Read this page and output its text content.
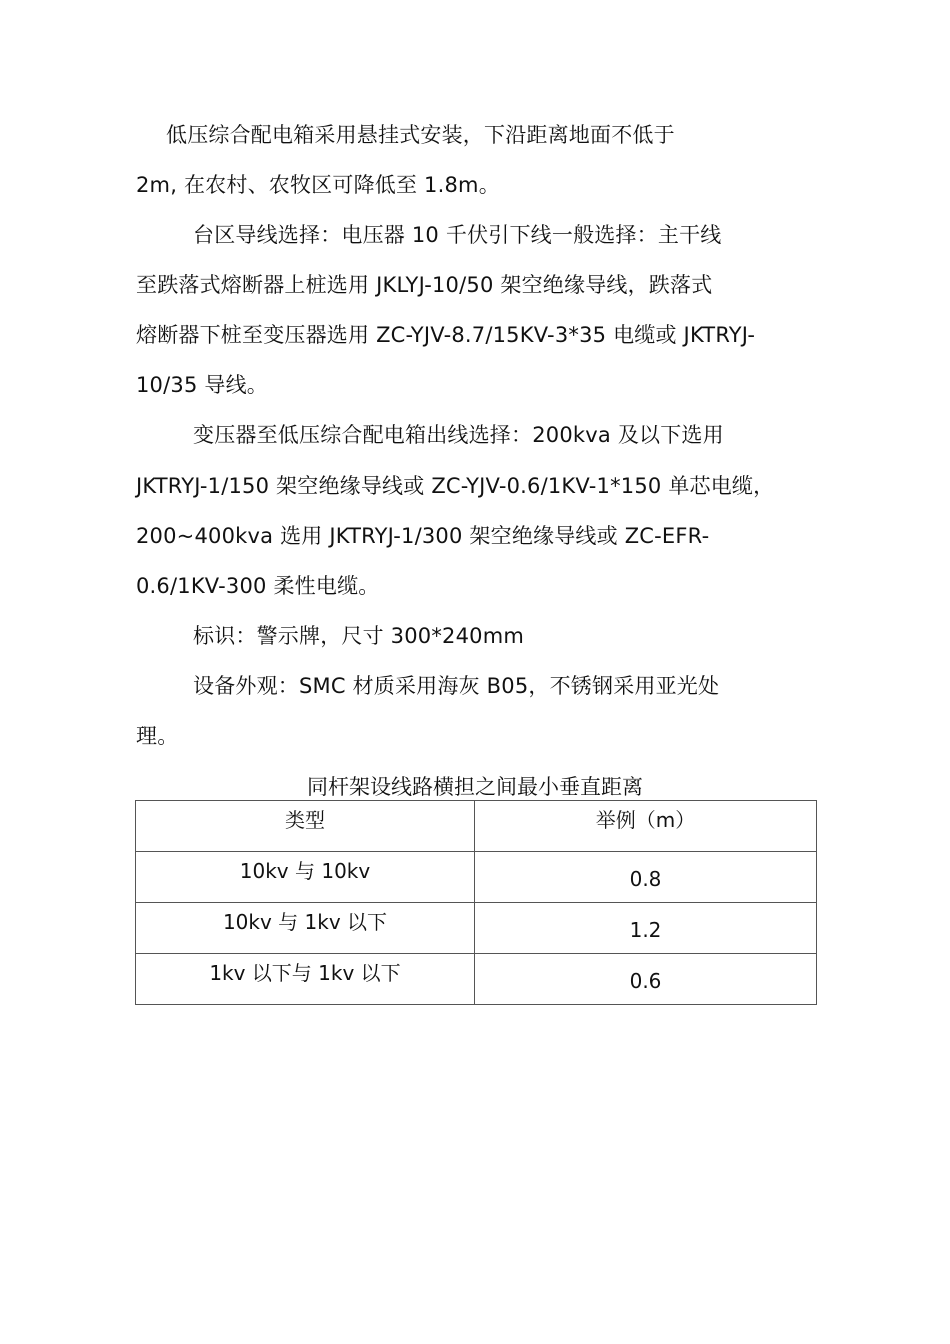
低压综合配电箱采用悬挂式安装，下沿距离地面不低于
2m, 在农村、农牧区可降低至 1.8m。
台区导线选择：电压器 10 千伏引下线一般选择：主干线
至跌落式熔断器上桩选用 JKLYJ-10/50 架空绝缘导线，跌落式
熔断器下桩至变压器选用 ZC-YJV-8.7/15KV-3*35 电缆或 JKTRYJ-
10/35 导线。
变压器至低压综合配电箱出线选择：200kva 及以下选用
JKTRYJ-1/150 架空绝缘导线或 ZC-YJV-0.6/1KV-1*150 单芯电缆，
200~400kva 选用 JKTRYJ-1/300 架空绝缘导线或 ZC-EFR-
0.6/1KV-300 柔性电缆。
标识：警示牌，尺寸 300*240mm
设备外观：SMC 材质采用海灰 B05，不锈钢采用亚光处
理。
同杆架设线路横担之间最小垂直距离
类型	举例（m）
10kv 与 10kv	0.8
10kv 与 1kv 以下	1.2
1kv 以下与 1kv 以下	0.6
